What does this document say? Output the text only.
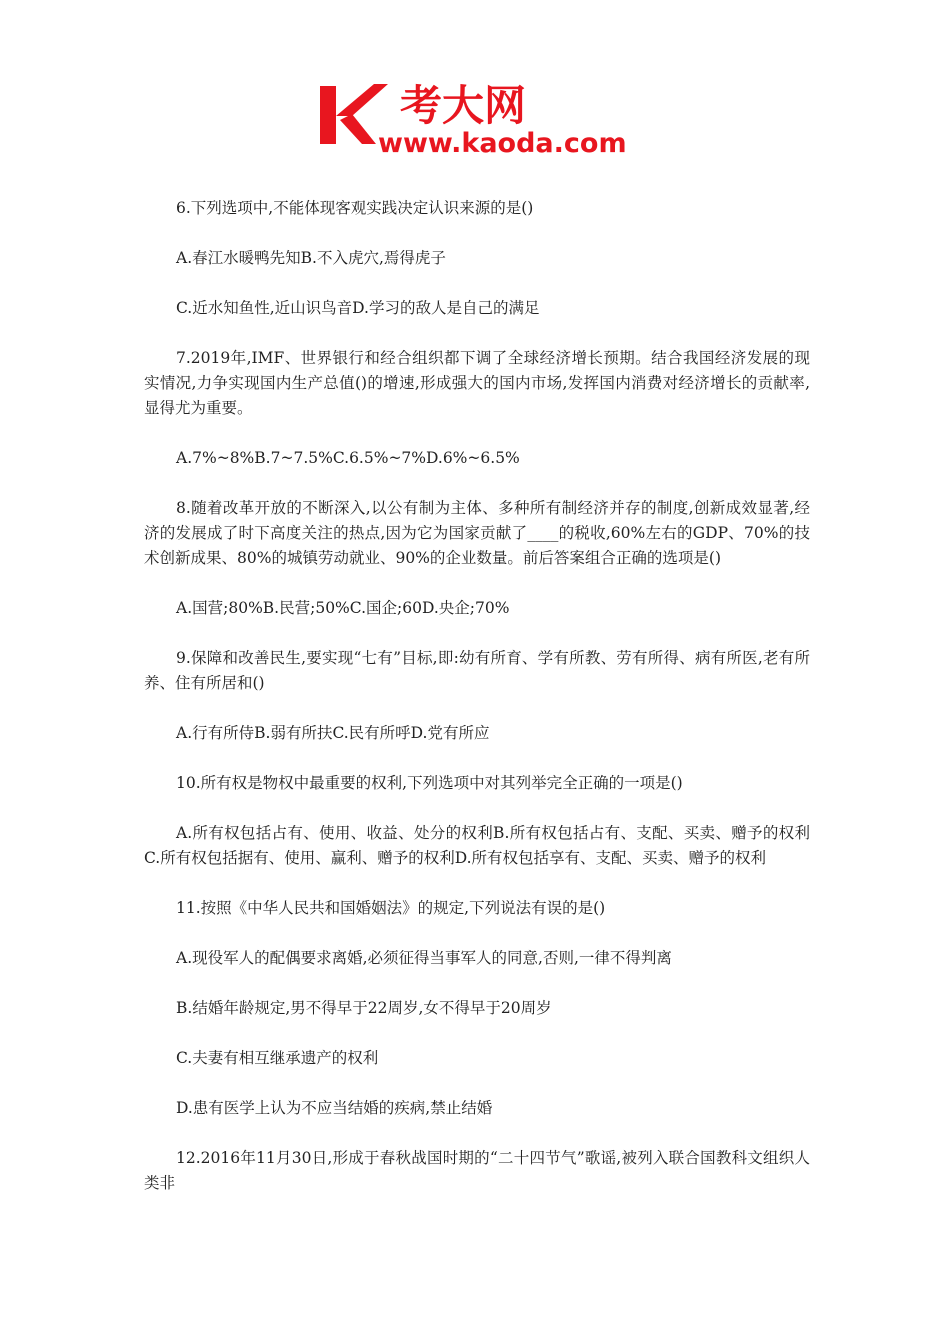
考大网
www.kaoda.com

6.下列选项中,不能体现客观实践决定认识来源的是()

A.春江水暖鸭先知B.不入虎穴,焉得虎子

C.近水知鱼性,近山识鸟音D.学习的敌人是自己的满足

7.2019年,IMF、世界银行和经合组织都下调了全球经济增长预期。结合我国经济发展的现实情况,力争实现国内生产总值()的增速,形成强大的国内市场,发挥国内消费对经济增长的贡献率,显得尤为重要。

A.7%~8%B.7~7.5%C.6.5%~7%D.6%~6.5%

8.随着改革开放的不断深入,以公有制为主体、多种所有制经济并存的制度,创新成效显著,经济的发展成了时下高度关注的热点,因为它为国家贡献了____的税收,60%左右的GDP、70%的技术创新成果、80%的城镇劳动就业、90%的企业数量。前后答案组合正确的选项是()

A.国营;80%B.民营;50%C.国企;60D.央企;70%

9.保障和改善民生,要实现“七有”目标,即:幼有所育、学有所教、劳有所得、病有所医,老有所养、住有所居和()

A.行有所侍B.弱有所扶C.民有所呼D.党有所应

10.所有权是物权中最重要的权利,下列选项中对其列举完全正确的一项是()

A.所有权包括占有、使用、收益、处分的权利B.所有权包括占有、支配、买卖、赠予的权利C.所有权包括据有、使用、赢利、赠予的权利D.所有权包括享有、支配、买卖、赠予的权利

11.按照《中华人民共和国婚姻法》的规定,下列说法有误的是()

A.现役军人的配偶要求离婚,必须征得当事军人的同意,否则,一律不得判离

B.结婚年龄规定,男不得早于22周岁,女不得早于20周岁

C.夫妻有相互继承遗产的权利

D.患有医学上认为不应当结婚的疾病,禁止结婚

12.2016年11月30日,形成于春秋战国时期的“二十四节气”歌谣,被列入联合国教科文组织人类非
